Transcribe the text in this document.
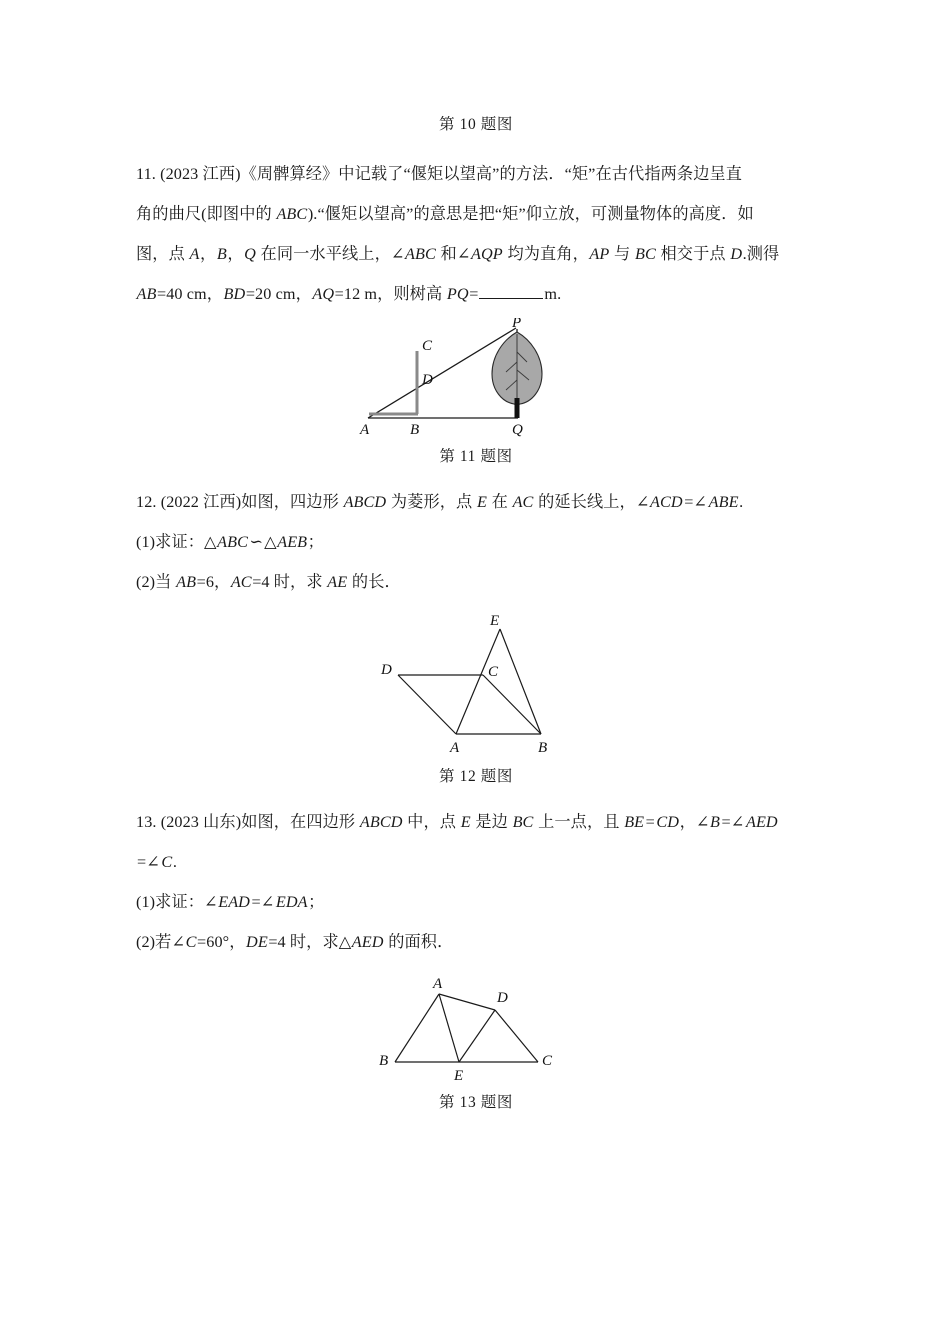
第 10 题图
11. (2023 江西)《周髀算经》中记载了“偃矩以望高”的方法．“矩”在古代指两条边呈直
角的曲尺(即图中的 ABC).“偃矩以望高”的意思是把“矩”仰立放，可测量物体的高度．如
图，点 A，B，Q 在同一水平线上，∠ABC 和∠AQP 均为直角，AP 与 BC 相交于点 D.测得
AB=40 cm，BD=20 cm，AQ=12 m，则树高 PQ=	m.
A	B
C
D
P
Q
第 11 题图
12. (2022 江西)如图，四边形 ABCD 为菱形，点 E 在 AC 的延长线上，∠ACD=∠ABE.
(1)求证：△ABC∽△AEB；
(2)当 AB=6，AC=4 时，求 AE 的长．
E
C
D
A	B
第 12 题图
13. (2023 山东)如图，在四边形 ABCD 中，点 E 是边 BC 上一点，且 BE=CD，∠B=∠AED
=∠C.
(1)求证：∠EAD=∠EDA；
(2)若∠C=60°，DE=4 时，求△AED 的面积．
A
B	C
D
E
第 13 题图
